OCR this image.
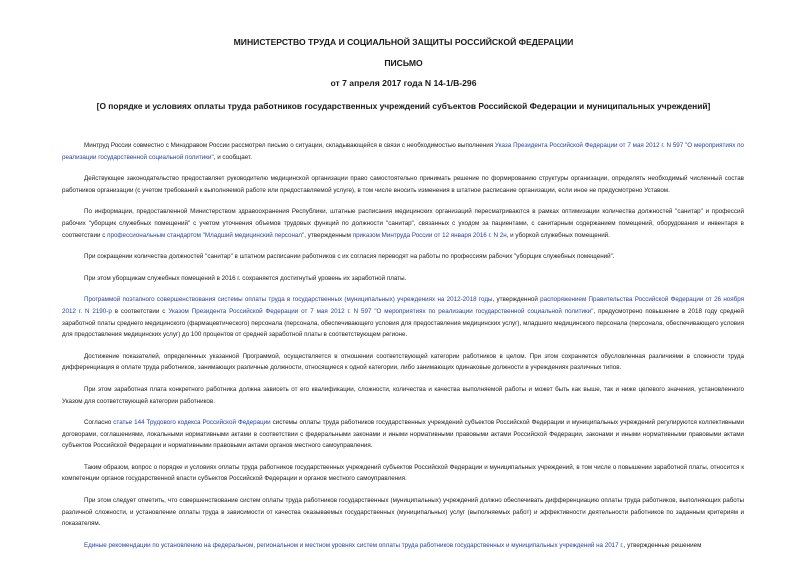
МИНИСТЕРСТВО ТРУДА И СОЦИАЛЬНОЙ ЗАЩИТЫ РОССИЙСКОЙ ФЕДЕРАЦИИ
ПИСЬМО
от 7 апреля 2017 года N 14-1/В-296
[О порядке и условиях оплаты труда работников государственных учреждений субъектов Российской Федерации и муниципальных учреждений]

Минтруд России совместно с Минздравом России рассмотрел письмо о ситуации, складывающейся в связи с необходимостью выполнения Указа Президента Российской Федерации от 7 мая 2012 г. N 597 "О мероприятиях по реализации государственной социальной политики", и сообщает.

Действующее законодательство предоставляет руководителю медицинской организации право самостоятельно принимать решение по формированию структуры организации, определять необходимый численный состав работников организации (с учетом требований к выполняемой работе или предоставляемой услуге), в том числе вносить изменения в штатное расписание организации, если иное не предусмотрено Уставом.

По информации, предоставленной Министерством здравоохранения Республики, штатные расписания медицинских организаций пересматриваются в рамках оптимизации количества должностей "санитар" и профессий рабочих "уборщик служебных помещений" с учетом уточнения объемов трудовых функций по должности "санитар", связанных с уходом за пациентами, с санитарным содержанием помещений, оборудования и инвентаря в соответствии с профессиональным стандартом "Младший медицинский персонал", утвержденным приказом Минтруда России от 12 января 2016 г. N 2н, и уборкой служебных помещений.

При сокращении количества должностей "санитар" в штатном расписании работников с их согласия переводят на работы по профессиям рабочих "уборщик служебных помещений".

При этом уборщикам служебных помещений в 2016 г. сохраняется достигнутый уровень их заработной платы.

Программой поэтапного совершенствования системы оплаты труда в государственных (муниципальных) учреждениях на 2012-2018 годы, утвержденной распоряжением Правительства Российской Федерации от 26 ноября 2012 г. N 2190-р в соответствии с Указом Президента Российской Федерации от 7 мая 2012 г. N 597 "О мероприятиях по реализации государственной социальной политики", предусмотрено повышение в 2018 году средней заработной платы среднего медицинского (фармацевтического) персонала (персонала, обеспечивающего условия для предоставления медицинских услуг), младшего медицинского персонала (персонала, обеспечивающего условия для предоставления медицинских услуг) до 100 процентов от средней заработной платы в соответствующем регионе.

Достижение показателей, определенных указанной Программой, осуществляется в отношении соответствующей категории работников в целом. При этом сохраняется обусловленная различиями в сложности труда дифференциация в оплате труда работников, занимающих различные должности, относящиеся к одной категории, либо занимающих одинаковые должности в учреждениях различных типов.

При этом заработная плата конкретного работника должна зависеть от его квалификации, сложности, количества и качества выполняемой работы и может быть как выше, так и ниже целевого значения, установленного Указом для соответствующей категории работников.

Согласно статье 144 Трудового кодекса Российской Федерации системы оплаты труда работников государственных учреждений субъектов Российской Федерации и муниципальных учреждений регулируются коллективными договорами, соглашениями, локальными нормативными актами в соответствии с федеральными законами и иными нормативными правовыми актами Российской Федерации, законами и иными нормативными правовыми актами субъектов Российской Федерации и нормативными правовыми актами органов местного самоуправления.

Таким образом, вопрос о порядке и условиях оплаты труда работников государственных учреждений субъектов Российской Федерации и муниципальных учреждений, в том числе о повышении заработной платы, относится к компетенции органов государственной власти субъектов Российской Федерации и органов местного самоуправления.

При этом следует отметить, что совершенствование систем оплаты труда работников государственных (муниципальных) учреждений должно обеспечивать дифференциацию оплаты труда работников, выполняющих работы различной сложности, и установление оплаты труда в зависимости от качества оказываемых государственных (муниципальных) услуг (выполняемых работ) и эффективности деятельности работников по заданным критериям и показателям.

Единые рекомендации по установлению на федеральном, региональном и местном уровнях систем оплаты труда работников государственных и муниципальных учреждений на 2017 г., утвержденные решением
